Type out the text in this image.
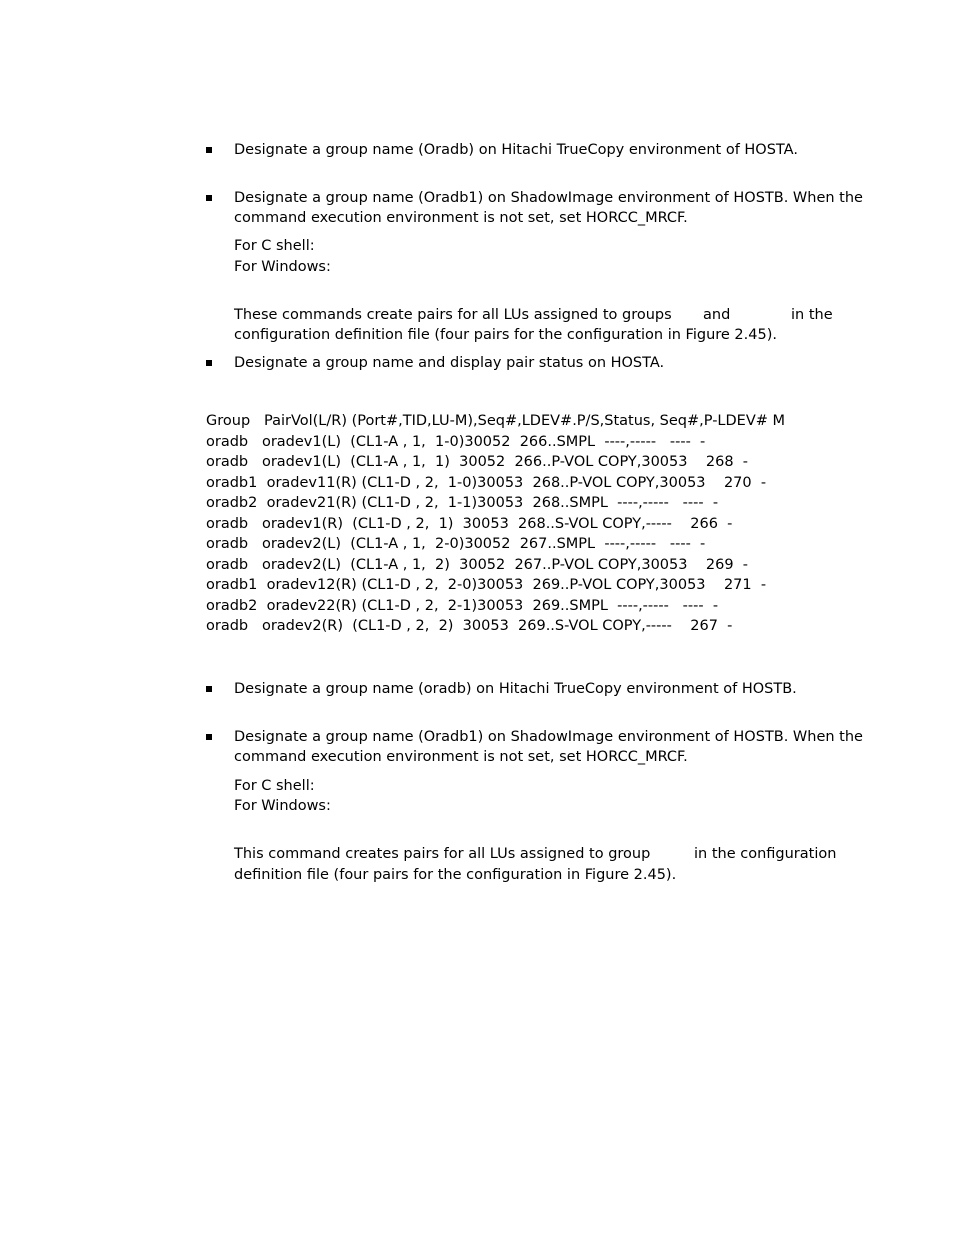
Designate a group name (Oradb) on Hitachi TrueCopy environment of HOSTA.
Designate a group name (Oradb1) on ShadowImage environment of HOSTB. When the
command execution environment is not set, set HORCC_MRCF.
For C shell:
For Windows:
These commands create pairs for all LUs assigned to groups	and	in the
configuration definition file (four pairs for the configuration in Figure 2.45).
Designate a group name and display pair status on HOSTA.
Group   PairVol(L/R) (Port#,TID,LU-M),Seq#,LDEV#.P/S,Status, Seq#,P-LDEV# M
oradb   oradev1(L)  (CL1-A , 1,  1-0)30052  266..SMPL  ----,-----   ----  -
oradb   oradev1(L)  (CL1-A , 1,  1)  30052  266..P-VOL COPY,30053    268  -
oradb1  oradev11(R) (CL1-D , 2,  1-0)30053  268..P-VOL COPY,30053    270  -
oradb2  oradev21(R) (CL1-D , 2,  1-1)30053  268..SMPL  ----,-----   ----  -
oradb   oradev1(R)  (CL1-D , 2,  1)  30053  268..S-VOL COPY,-----    266  -
oradb   oradev2(L)  (CL1-A , 1,  2-0)30052  267..SMPL  ----,-----   ----  -
oradb   oradev2(L)  (CL1-A , 1,  2)  30052  267..P-VOL COPY,30053    269  -
oradb1  oradev12(R) (CL1-D , 2,  2-0)30053  269..P-VOL COPY,30053    271  -
oradb2  oradev22(R) (CL1-D , 2,  2-1)30053  269..SMPL  ----,-----   ----  -
oradb   oradev2(R)  (CL1-D , 2,  2)  30053  269..S-VOL COPY,-----    267  -
Designate a group name (oradb) on Hitachi TrueCopy environment of HOSTB.
Designate a group name (Oradb1) on ShadowImage environment of HOSTB. When the
command execution environment is not set, set HORCC_MRCF.
For C shell:
For Windows:
This command creates pairs for all LUs assigned to group	in the configuration
definition file (four pairs for the configuration in Figure 2.45).
